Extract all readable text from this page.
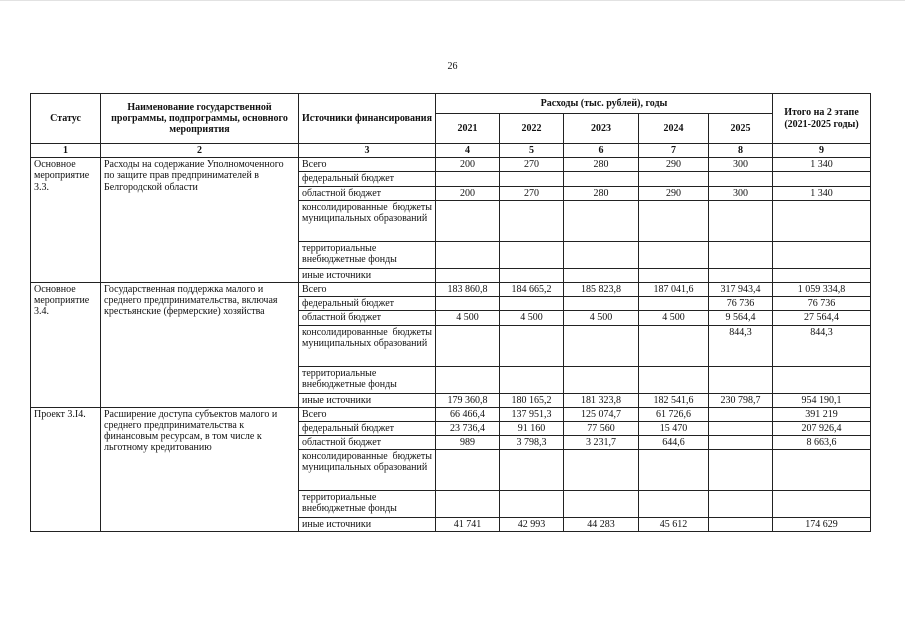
26
Статус	Наименование государственной программы, подпрограммы, основного мероприятия	Источники финансирования	Расходы (тыс. рублей), годы					Итого на 2 этапе (2021-2025 годы)
			2021	2022	2023	2024	2025	
1	2	3	4	5	6	7	8	9
Основное мероприятие 3.3.	Расходы на содержание Уполномоченного по защите прав предпринимателей в Белгородской области	Всего	200	270	280	290	300	1 340
		федеральный бюджет						
		областной бюджет	200	270	280	290	300	1 340
		консолидированные бюджеты муниципальных образований						
		территориальные внебюджетные фонды						
		иные источники						
Основное мероприятие 3.4.	Государственная поддержка малого и среднего предпринимательства, включая крестьянские (фермерские) хозяйства	Всего	183 860,8	184 665,2	185 823,8	187 041,6	317 943,4	1 059 334,8
		федеральный бюджет					76 736	76 736
		областной бюджет	4 500	4 500	4 500	4 500	9 564,4	27 564,4
		консолидированные бюджеты муниципальных образований					844,3	844,3
		территориальные внебюджетные фонды						
		иные источники	179 360,8	180 165,2	181 323,8	182 541,6	230 798,7	954 190,1
Проект 3.I4.	Расширение доступа субъектов малого и среднего предпринимательства к финансовым ресурсам, в том числе к льготному кредитованию	Всего	66 466,4	137 951,3	125 074,7	61 726,6		391 219
		федеральный бюджет	23 736,4	91 160	77 560	15 470		207 926,4
		областной бюджет	989	3 798,3	3 231,7	644,6		8 663,6
		консолидированные бюджеты муниципальных образований						
		территориальные внебюджетные фонды						
		иные источники	41 741	42 993	44 283	45 612		174 629
